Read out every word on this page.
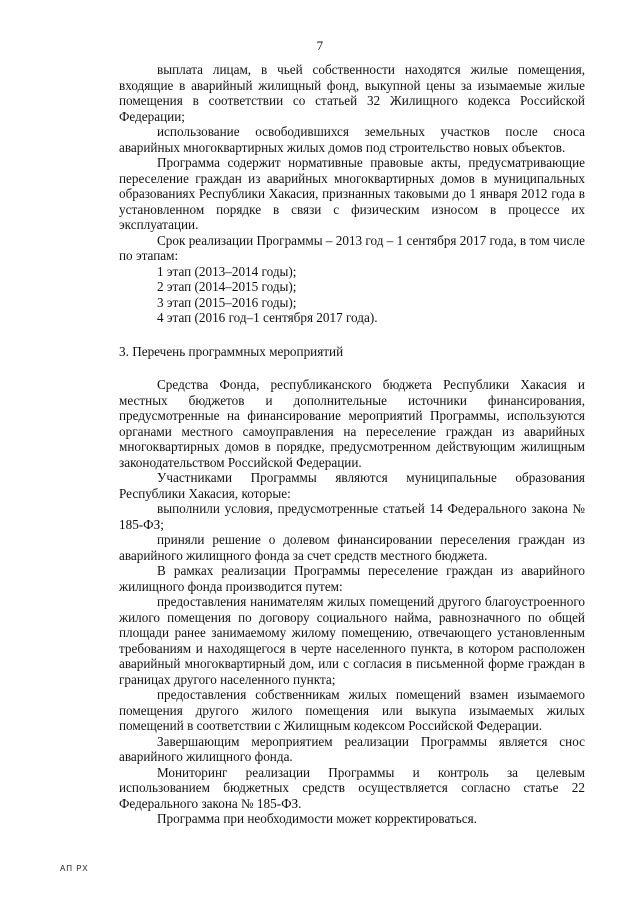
7

выплата лицам, в чьей собственности находятся жилые помещения, входящие в аварийный жилищный фонд, выкупной цены за изымаемые жилые помещения в соответствии со статьей 32 Жилищного кодекса Российской Федерации;

использование освободившихся земельных участков после сноса аварийных многоквартирных жилых домов под строительство новых объектов.

Программа содержит нормативные правовые акты, предусматривающие переселение граждан из аварийных многоквартирных домов в муниципальных образованиях Республики Хакасия, признанных таковыми до 1 января 2012 года в установленном порядке в связи с физическим износом в процессе их эксплуатации.

Срок реализации Программы – 2013 год – 1 сентября 2017 года, в том числе по этапам:

1 этап (2013–2014 годы);

2 этап (2014–2015 годы);

3 этап (2015–2016 годы);

4 этап (2016 год–1 сентября 2017 года).

3. Перечень программных мероприятий

Средства Фонда, республиканского бюджета Республики Хакасия и местных бюджетов и дополнительные источники финансирования, предусмотренные на финансирование мероприятий Программы, используются органами местного самоуправления на переселение граждан из аварийных многоквартирных домов в порядке, предусмотренном действующим жилищным законодательством Российской Федерации.

Участниками Программы являются муниципальные образования Республики Хакасия, которые:

выполнили условия, предусмотренные статьей 14 Федерального закона № 185-ФЗ;

приняли решение о долевом финансировании переселения граждан из аварийного жилищного фонда за счет средств местного бюджета.

В рамках реализации Программы переселение граждан из аварийного жилищного фонда производится путем:

предоставления нанимателям жилых помещений другого благоустроенного жилого помещения по договору социального найма, равнозначного по общей площади ранее занимаемому жилому помещению, отвечающего установленным требованиям и находящегося в черте населенного пункта, в котором расположен аварийный многоквартирный дом, или с согласия в письменной форме граждан в границах другого населенного пункта;

предоставления собственникам жилых помещений взамен изымаемого помещения другого жилого помещения или выкупа изымаемых жилых помещений в соответствии с Жилищным кодексом Российской Федерации.

Завершающим мероприятием реализации Программы является снос аварийного жилищного фонда.

Мониторинг реализации Программы и контроль за целевым использованием бюджетных средств осуществляется согласно статье 22 Федерального закона № 185-ФЗ.

Программа при необходимости может корректироваться.

АП РХ
